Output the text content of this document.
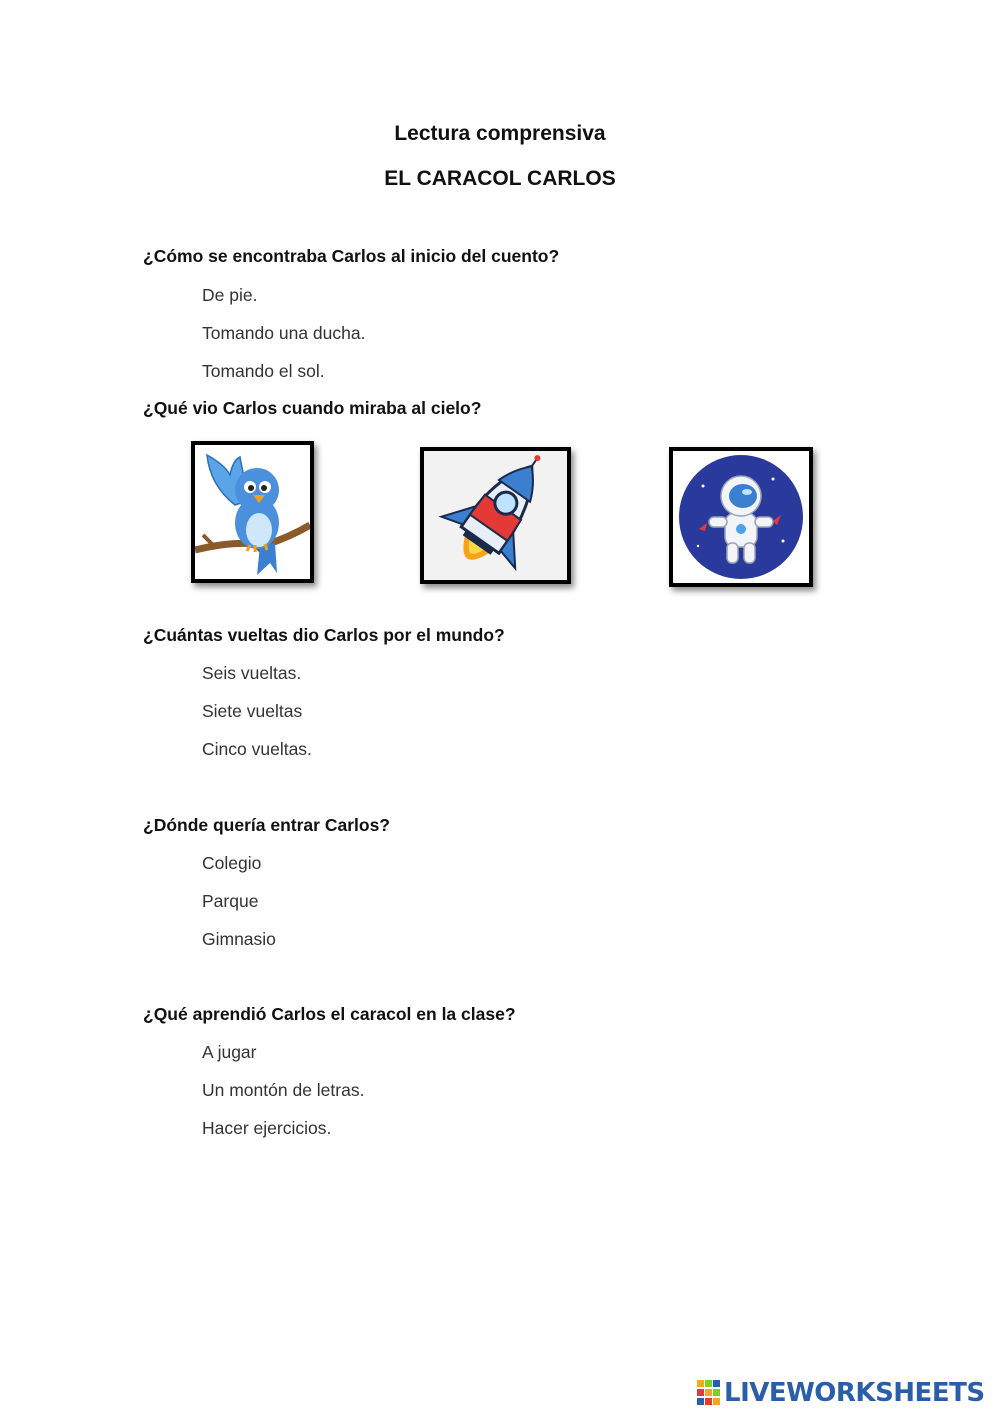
Lectura comprensiva
EL CARACOL CARLOS
¿Cómo se encontraba Carlos al inicio del cuento?
De pie.
Tomando una ducha.
Tomando el sol.
¿Qué vio Carlos cuando miraba al cielo?
¿Cuántas vueltas dio Carlos por el mundo?
Seis vueltas.
Siete vueltas
Cinco vueltas.
¿Dónde quería entrar Carlos?
Colegio
Parque
Gimnasio
¿Qué aprendió Carlos el caracol en la clase?
A jugar
Un montón de letras.
Hacer ejercicios.
LIVEWORKSHEETS
